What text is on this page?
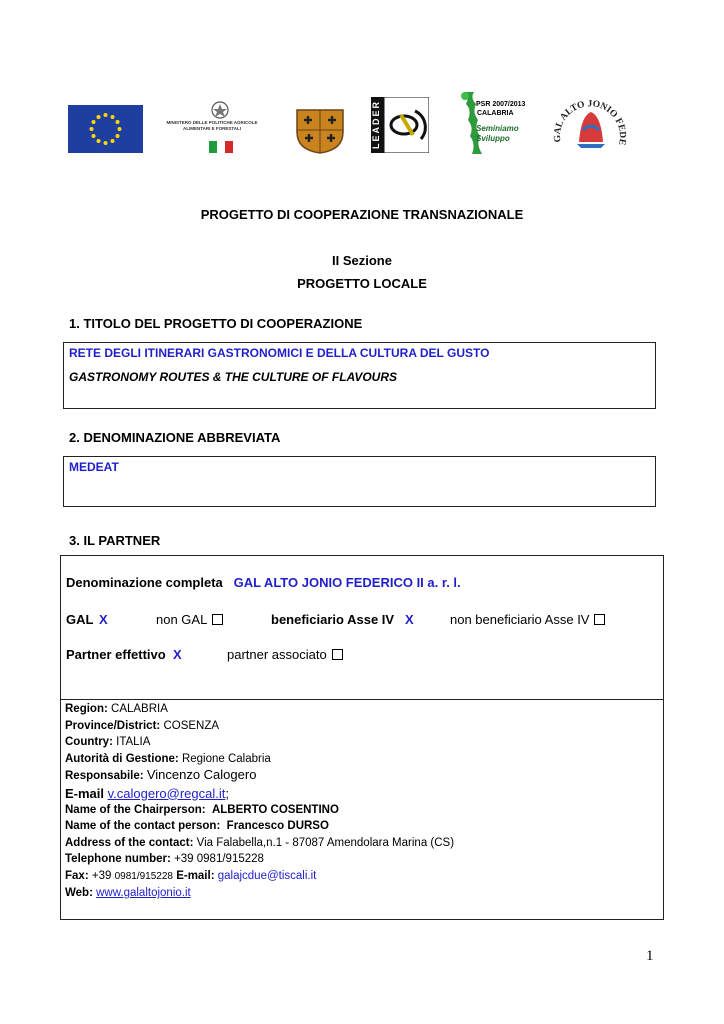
MINISTERO DELLE POLITICHE AGRICOLE ALIMENTARI E FORESTALI	LEADER	PSR 2007/2013
CALABRIA
Seminiamo
Sviluppo	GAL ALTO JONIO FEDE
PROGETTO DI COOPERAZIONE TRANSNAZIONALE
II Sezione
PROGETTO LOCALE
1. TITOLO DEL PROGETTO DI COOPERAZIONE
RETE DEGLI ITINERARI GASTRONOMICI E DELLA CULTURA DEL GUSTO
GASTRONOMY ROUTES & THE CULTURE OF FLAVOURS
2. DENOMINAZIONE ABBREVIATA
MEDEAT
3. IL PARTNER
Denominazione completa GAL ALTO JONIO FEDERICO II a. r. l.
GAL X	non GAL	beneficiario Asse IV X	non beneficiario Asse IV
Partner effettivo X	partner associato
Region: CALABRIA
Province/District: COSENZA
Country: ITALIA
Autorità di Gestione: Regione Calabria
Responsabile: Vincenzo Calogero
E-mail v.calogero@regcal.it;
Name of the Chairperson: ALBERTO COSENTINO
Name of the contact person: Francesco DURSO
Address of the contact: Via Falabella,n.1 - 87087 Amendolara Marina (CS)
Telephone number: +39 0981/915228
Fax: +39 0981/915228 E-mail: galajcdue@tiscali.it
Web: www.galaltojonio.it
1
